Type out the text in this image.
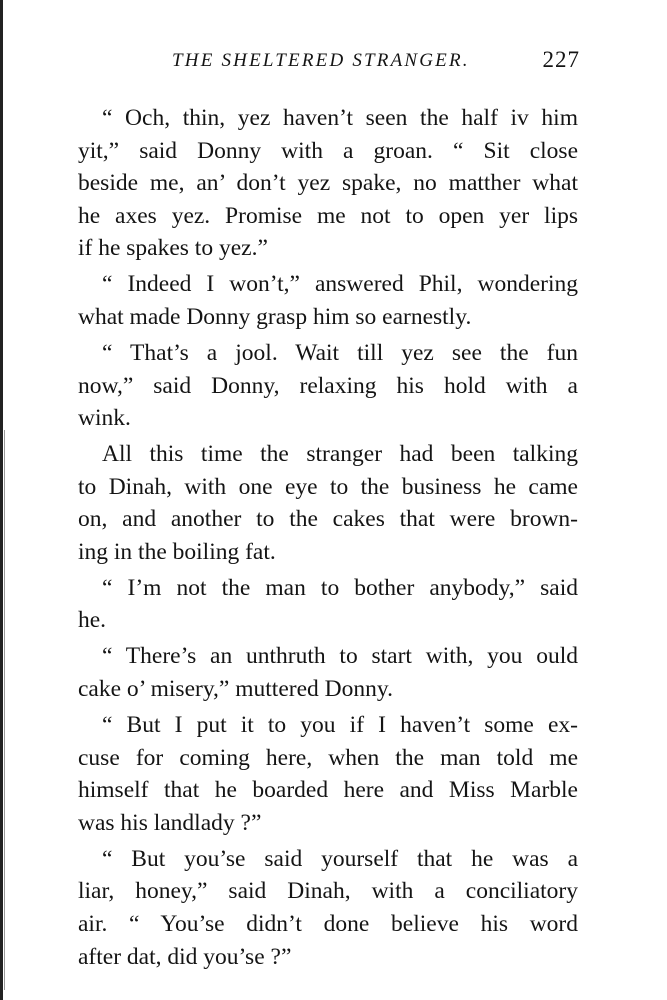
THE SHELTERED STRANGER.	227
“ Och, thin, yez haven’t seen the half iv him
yit,” said Donny with a groan. “ Sit close
beside me, an’ don’t yez spake, no matther what
he axes yez. Promise me not to open yer lips
if he spakes to yez.”
“ Indeed I won’t,” answered Phil, wondering
what made Donny grasp him so earnestly.
“ That’s a jool. Wait till yez see the fun
now,” said Donny, relaxing his hold with a
wink.
All this time the stranger had been talking
to Dinah, with one eye to the business he came
on, and another to the cakes that were brown-
ing in the boiling fat.
“ I’m not the man to bother anybody,” said
he.
“ There’s an unthruth to start with, you ould
cake o’ misery,” muttered Donny.
“ But I put it to you if I haven’t some ex-
cuse for coming here, when the man told me
himself that he boarded here and Miss Marble
was his landlady ?”
“ But you’se said yourself that he was a
liar, honey,” said Dinah, with a conciliatory
air. “ You’se didn’t done believe his word
after dat, did you’se ?”
